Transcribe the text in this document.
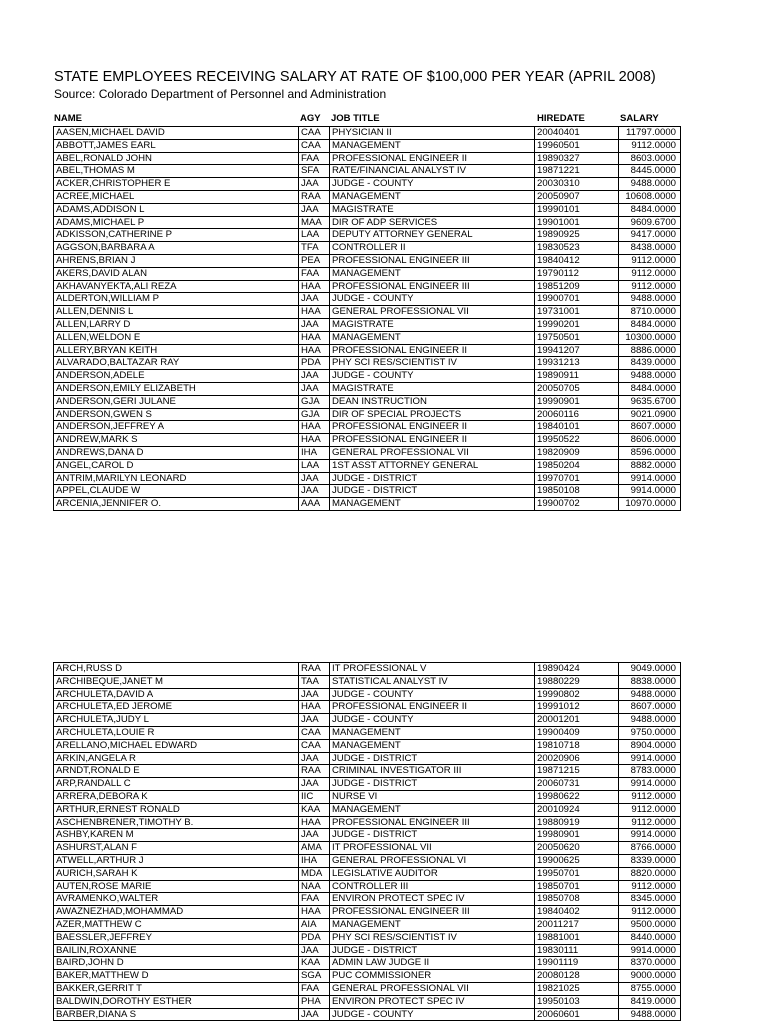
STATE EMPLOYEES RECEIVING SALARY AT RATE OF $100,000 PER YEAR (APRIL 2008)
Source: Colorado Department of Personnel and Administration
NAME	AGY JOB TITLE	HIREDATE	SALARY
AASEN,MICHAEL DAVID	CAA	PHYSICIAN II	20040401	11797.0000
ABBOTT,JAMES EARL	CAA	MANAGEMENT	19960501	9112.0000
ABEL,RONALD JOHN	FAA	PROFESSIONAL ENGINEER II	19890327	8603.0000
ABEL,THOMAS M	SFA	RATE/FINANCIAL ANALYST IV	19871221	8445.0000
ACKER,CHRISTOPHER E	JAA	JUDGE - COUNTY	20030310	9488.0000
ACREE,MICHAEL	RAA	MANAGEMENT	20050907	10608.0000
ADAMS,ADDISON L	JAA	MAGISTRATE	19990101	8484.0000
ADAMS,MICHAEL P	MAA	DIR OF ADP SERVICES	19901001	9609.6700
ADKISSON,CATHERINE P	LAA	DEPUTY ATTORNEY GENERAL	19890925	9417.0000
AGGSON,BARBARA A	TFA	CONTROLLER II	19830523	8438.0000
AHRENS,BRIAN J	PEA	PROFESSIONAL ENGINEER III	19840412	9112.0000
AKERS,DAVID ALAN	FAA	MANAGEMENT	19790112	9112.0000
AKHAVANYEKTA,ALI REZA	HAA	PROFESSIONAL ENGINEER III	19851209	9112.0000
ALDERTON,WILLIAM P	JAA	JUDGE - COUNTY	19900701	9488.0000
ALLEN,DENNIS L	HAA	GENERAL PROFESSIONAL VII	19731001	8710.0000
ALLEN,LARRY D	JAA	MAGISTRATE	19990201	8484.0000
ALLEN,WELDON E	HAA	MANAGEMENT	19750501	10300.0000
ALLERY,BRYAN KEITH	HAA	PROFESSIONAL ENGINEER II	19941207	8886.0000
ALVARADO,BALTAZAR RAY	PDA	PHY SCI RES/SCIENTIST IV	19931213	8439.0000
ANDERSON,ADELE	JAA	JUDGE - COUNTY	19890911	9488.0000
ANDERSON,EMILY ELIZABETH	JAA	MAGISTRATE	20050705	8484.0000
ANDERSON,GERI JULANE	GJA	DEAN INSTRUCTION	19990901	9635.6700
ANDERSON,GWEN S	GJA	DIR OF SPECIAL PROJECTS	20060116	9021.0900
ANDERSON,JEFFREY A	HAA	PROFESSIONAL ENGINEER II	19840101	8607.0000
ANDREW,MARK S	HAA	PROFESSIONAL ENGINEER II	19950522	8606.0000
ANDREWS,DANA D	IHA	GENERAL PROFESSIONAL VII	19820909	8596.0000
ANGEL,CAROL D	LAA	1ST ASST ATTORNEY GENERAL	19850204	8882.0000
ANTRIM,MARILYN LEONARD	JAA	JUDGE - DISTRICT	19970701	9914.0000
APPEL,CLAUDE W	JAA	JUDGE - DISTRICT	19850108	9914.0000
ARCENIA,JENNIFER O.	AAA	MANAGEMENT	19900702	10970.0000
ARCH,RUSS D	RAA	IT PROFESSIONAL V	19890424	9049.0000
ARCHIBEQUE,JANET M	TAA	STATISTICAL ANALYST IV	19880229	8838.0000
ARCHULETA,DAVID A	JAA	JUDGE - COUNTY	19990802	9488.0000
ARCHULETA,ED JEROME	HAA	PROFESSIONAL ENGINEER II	19991012	8607.0000
ARCHULETA,JUDY L	JAA	JUDGE - COUNTY	20001201	9488.0000
ARCHULETA,LOUIE R	CAA	MANAGEMENT	19900409	9750.0000
ARELLANO,MICHAEL EDWARD	CAA	MANAGEMENT	19810718	8904.0000
ARKIN,ANGELA R	JAA	JUDGE - DISTRICT	20020906	9914.0000
ARNDT,RONALD E	RAA	CRIMINAL INVESTIGATOR III	19871215	8783.0000
ARP,RANDALL C	JAA	JUDGE - DISTRICT	20060731	9914.0000
ARRERA,DEBORA K	IIC	NURSE VI	19980622	9112.0000
ARTHUR,ERNEST RONALD	KAA	MANAGEMENT	20010924	9112.0000
ASCHENBRENER,TIMOTHY B.	HAA	PROFESSIONAL ENGINEER III	19880919	9112.0000
ASHBY,KAREN M	JAA	JUDGE - DISTRICT	19980901	9914.0000
ASHURST,ALAN F	AMA	IT PROFESSIONAL VII	20050620	8766.0000
ATWELL,ARTHUR J	IHA	GENERAL PROFESSIONAL VI	19900625	8339.0000
AURICH,SARAH K	MDA	LEGISLATIVE AUDITOR	19950701	8820.0000
AUTEN,ROSE MARIE	NAA	CONTROLLER III	19850701	9112.0000
AVRAMENKO,WALTER	FAA	ENVIRON PROTECT SPEC IV	19850708	8345.0000
AWAZNEZHAD,MOHAMMAD	HAA	PROFESSIONAL ENGINEER III	19840402	9112.0000
AZER,MATTHEW C	AIA	MANAGEMENT	20011217	9500.0000
BAESSLER,JEFFREY	PDA	PHY SCI RES/SCIENTIST IV	19881001	8440.0000
BAILIN,ROXANNE	JAA	JUDGE - DISTRICT	19830111	9914.0000
BAIRD,JOHN D	KAA	ADMIN LAW JUDGE II	19901119	8370.0000
BAKER,MATTHEW D	SGA	PUC COMMISSIONER	20080128	9000.0000
BAKKER,GERRIT T	FAA	GENERAL PROFESSIONAL VII	19821025	8755.0000
BALDWIN,DOROTHY ESTHER	PHA	ENVIRON PROTECT SPEC IV	19950103	8419.0000
BARBER,DIANA S	JAA	JUDGE - COUNTY	20060601	9488.0000
